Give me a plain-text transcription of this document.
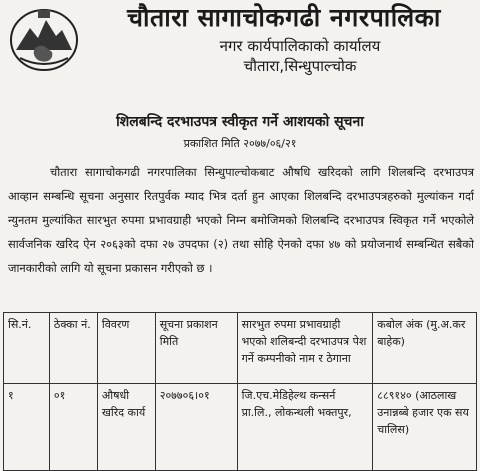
चौतारा सागाचोकगढी नगरपालिका
नगर कार्यपालिकाको कार्यालय
चौतारा,सिन्धुपाल्चोक
शिलबन्दि दरभाउपत्र स्वीकृत गर्ने आशयको सूचना
प्रकाशित मिति २०७७/०६/२१

चौतारा सागाचोकगढी नगरपालिका सिन्धुपाल्चोकबाट औषधि खरिदको लागि शिलबन्दि दरभाउपत्र आव्हान सम्बन्धि सूचना अनुसार रितपुर्वक म्याद भित्र दर्ता हुन आएका शिलबन्दि दरभाउपत्रहरुको मुल्यांकन गर्दा न्युनतम मुल्यांकित सारभुत रुपमा प्रभावग्राही भएको निम्न बमोजिमको शिलबन्दि दरभाउपत्र स्विकृत गर्ने भएकोले सार्वजनिक खरिद ऐन २०६३को दफा २७ उपदफा (२) तथा सोहि ऐनको दफा ४७ को प्रयोजनार्थ सम्बन्धित सबैको जानकारीको लागि यो सूचना प्रकासन गरीएको छ ।

सि.नं.	ठेक्का नं.	विवरण	सूचना प्रकाशन मिति	सारभुत रुपमा प्रभावग्राही भएको शलिबन्दी दरभाउपत्र पेश गर्ने कम्पनीको नाम र ठेगाना	कबोल अंक (मु.अ.कर बाहेक)
१	०१	औषधी खरिद कार्य	२०७७०६।०१	जि.एच.मेडिहेल्थ कन्सर्न प्रा.लि., लोकन्थली भक्तपुर,	८८९१४० (आठलाख उनान्नब्बे हजार एक सय चालिस)
